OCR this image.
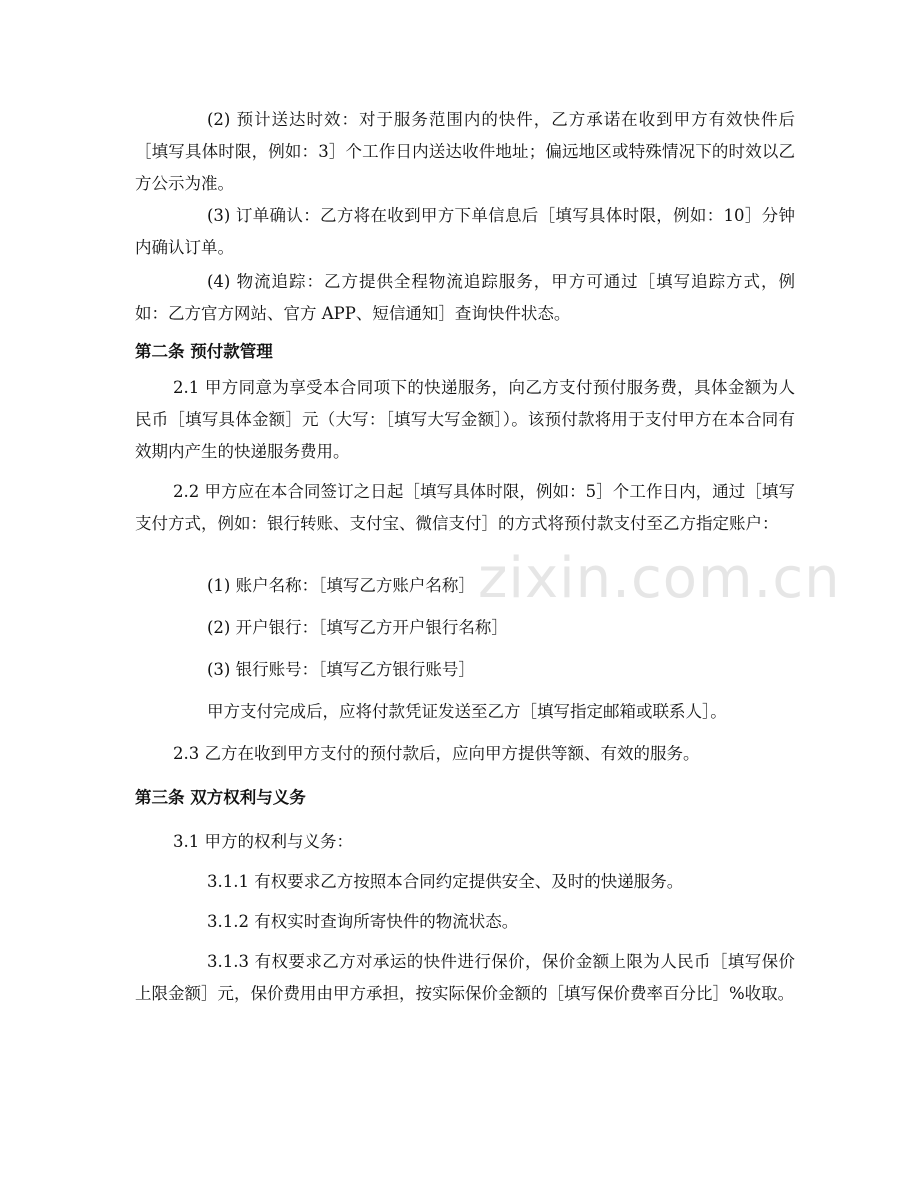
(2) 预计送达时效：对于服务范围内的快件，乙方承诺在收到甲方有效快件后［填写具体时限，例如：3］个工作日内送达收件地址；偏远地区或特殊情况下的时效以乙方公示为准。

(3) 订单确认：乙方将在收到甲方下单信息后［填写具体时限，例如：10］分钟内确认订单。

(4) 物流追踪：乙方提供全程物流追踪服务，甲方可通过［填写追踪方式，例如：乙方官方网站、官方 APP、短信通知］查询快件状态。

第二条 预付款管理

2.1 甲方同意为享受本合同项下的快递服务，向乙方支付预付服务费，具体金额为人民币［填写具体金额］元（大写：［填写大写金额］）。该预付款将用于支付甲方在本合同有效期内产生的快递服务费用。

2.2 甲方应在本合同签订之日起［填写具体时限，例如：5］个工作日内，通过［填写支付方式，例如：银行转账、支付宝、微信支付］的方式将预付款支付至乙方指定账户：

(1) 账户名称：［填写乙方账户名称］

(2) 开户银行：［填写乙方开户银行名称］

(3) 银行账号：［填写乙方银行账号］

甲方支付完成后，应将付款凭证发送至乙方［填写指定邮箱或联系人］。

2.3 乙方在收到甲方支付的预付款后，应向甲方提供等额、有效的服务。

第三条 双方权利与义务

3.1 甲方的权利与义务：

3.1.1 有权要求乙方按照本合同约定提供安全、及时的快递服务。

3.1.2 有权实时查询所寄快件的物流状态。

3.1.3 有权要求乙方对承运的快件进行保价，保价金额上限为人民币［填写保价上限金额］元，保价费用由甲方承担，按实际保价金额的［填写保价费率百分比］%收取。

zixin.com.cn
